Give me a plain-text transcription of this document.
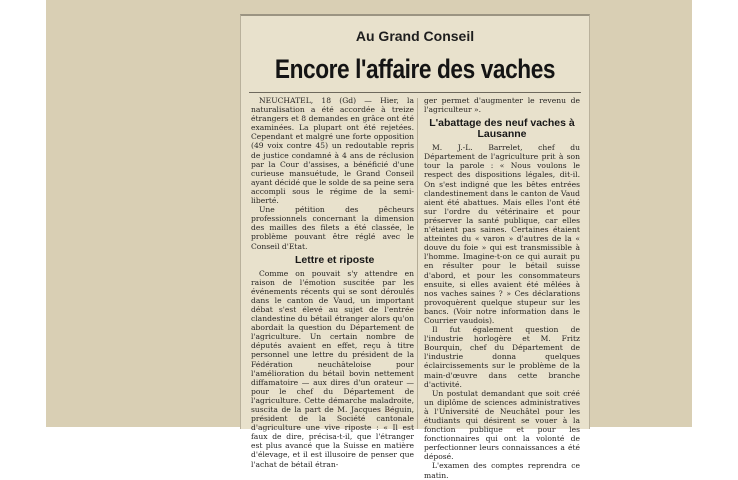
Au Grand Conseil
Encore l'affaire des vaches

NEUCHATEL, 18 (Gd) — Hier, la naturalisation a été accordée à treize étrangers et 8 demandes en grâce ont été examinées. La plupart ont été rejetées. Cependant et malgré une forte opposition (49 voix contre 45) un redoutable repris de justice condamné à 4 ans de réclusion par la Cour d'assises, a bénéficié d'une curieuse mansuétude, le Grand Conseil ayant décidé que le solde de sa peine sera accompli sous le régime de la semi-liberté.

Une pétition des pêcheurs professionnels concernant la dimension des mailles des filets a été classée, le problème pouvant être réglé avec le Conseil d'Etat.

Lettre et riposte

Comme on pouvait s'y attendre en raison de l'émotion suscitée par les événements récents qui se sont déroulés dans le canton de Vaud, un important débat s'est élevé au sujet de l'entrée clandestine du bétail étranger alors qu'on abordait la question du Département de l'agriculture. Un certain nombre de députés avaient en effet, reçu à titre personnel une lettre du président de la Fédération neuchâteloise pour l'amélioration du bétail bovin nettement diffamatoire — aux dires d'un orateur — pour le chef du Département de l'agriculture. Cette démarche maladroite, suscita de la part de M. Jacques Béguin, président de la Société cantonale d'agriculture une vive riposte : « Il est faux de dire, précisa-t-il, que l'étranger est plus avancé que la Suisse en matière d'élevage, et il est illusoire de penser que l'achat de bétail étran-

ger permet d'augmenter le revenu de l'agriculteur ».

L'abattage des neuf vaches à Lausanne

M. J.-L. Barrelet, chef du Département de l'agriculture prit à son tour la parole : « Nous voulons le respect des dispositions légales, dit-il. On s'est indigné que les bêtes entrées clandestinement dans le canton de Vaud aient été abattues. Mais elles l'ont été sur l'ordre du vétérinaire et pour préserver la santé publique, car elles n'étaient pas saines. Certaines étaient atteintes du « varon » d'autres de la « douve du foie » qui est transmissible à l'homme. Imagine-t-on ce qui aurait pu en résulter pour le bétail suisse d'abord, et pour les consommateurs ensuite, si elles avaient été mêlées à nos vaches saines ? » Ces déclarations provoquèrent quelque stupeur sur les bancs. (Voir notre information dans le Courrier vaudois).

Il fut également question de l'industrie horlogère et M. Fritz Bourquin, chef du Département de l'industrie donna quelques éclaircissements sur le problème de la main-d'œuvre dans cette branche d'activité.

Un postulat demandant que soit créé un diplôme de sciences administratives à l'Université de Neuchâtel pour les étudiants qui désirent se vouer à la fonction publique et pour les fonctionnaires qui ont la volonté de perfectionner leurs connaissances a été déposé.

L'examen des comptes reprendra ce matin.
